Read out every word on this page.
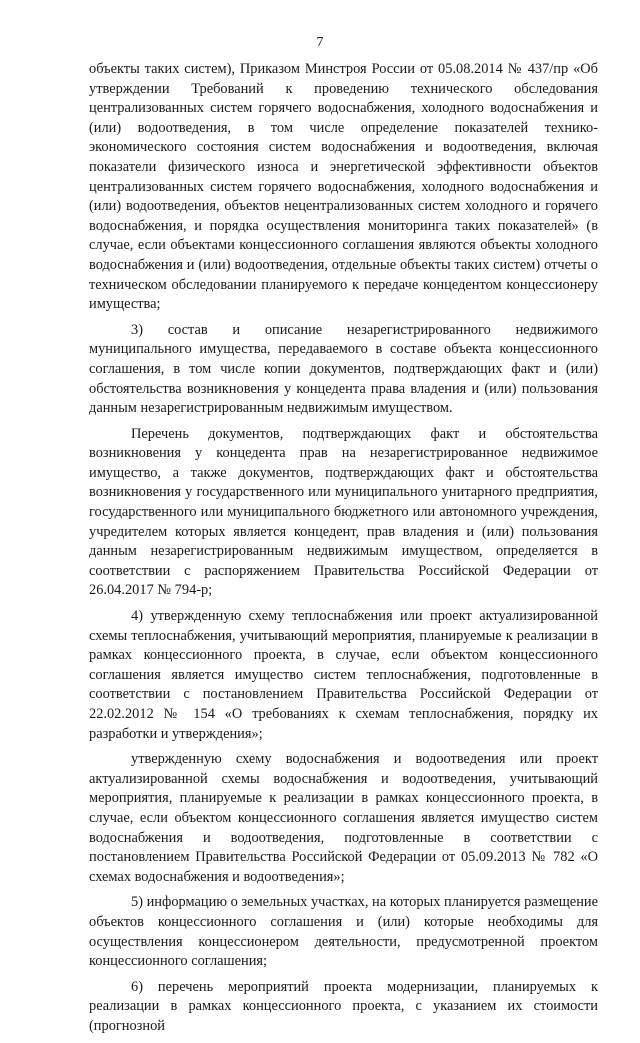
7

объекты таких систем), Приказом Минстроя России от 05.08.2014 № 437/пр «Об утверждении Требований к проведению технического обследования централизованных систем горячего водоснабжения, холодного водоснабжения и (или) водоотведения, в том числе определение показателей технико-экономического состояния систем водоснабжения и водоотведения, включая показатели физического износа и энергетической эффективности объектов централизованных систем горячего водоснабжения, холодного водоснабжения и (или) водоотведения, объектов нецентрализованных систем холодного и горячего водоснабжения, и порядка осуществления мониторинга таких показателей» (в случае, если объектами концессионного соглашения являются объекты холодного водоснабжения и (или) водоотведения, отдельные объекты таких систем) отчеты о техническом обследовании планируемого к передаче концедентом концессионеру имущества;

3) состав и описание незарегистрированного недвижимого муниципального имущества, передаваемого в составе объекта концессионного соглашения, в том числе копии документов, подтверждающих факт и (или) обстоятельства возникновения у концедента права владения и (или) пользования данным незарегистрированным недвижимым имуществом.

Перечень документов, подтверждающих факт и обстоятельства возникновения у концедента прав на незарегистрированное недвижимое имущество, а также документов, подтверждающих факт и обстоятельства возникновения у государственного или муниципального унитарного предприятия, государственного или муниципального бюджетного или автономного учреждения, учредителем которых является концедент, прав владения и (или) пользования данным незарегистрированным недвижимым имуществом, определяется в соответствии с распоряжением Правительства Российской Федерации от 26.04.2017 № 794-р;

4) утвержденную схему теплоснабжения или проект актуализированной схемы теплоснабжения, учитывающий мероприятия, планируемые к реализации в рамках концессионного проекта, в случае, если объектом концессионного соглашения является имущество систем теплоснабжения, подготовленные в соответствии с постановлением Правительства Российской Федерации от 22.02.2012 № 154 «О требованиях к схемам теплоснабжения, порядку их разработки и утверждения»;

утвержденную схему водоснабжения и водоотведения или проект актуализированной схемы водоснабжения и водоотведения, учитывающий мероприятия, планируемые к реализации в рамках концессионного проекта, в случае, если объектом концессионного соглашения является имущество систем водоснабжения и водоотведения, подготовленные в соответствии с постановлением Правительства Российской Федерации от 05.09.2013 № 782 «О схемах водоснабжения и водоотведения»;

5) информацию о земельных участках, на которых планируется размещение объектов концессионного соглашения и (или) которые необходимы для осуществления концессионером деятельности, предусмотренной проектом концессионного соглашения;

6) перечень мероприятий проекта модернизации, планируемых к реализации в рамках концессионного проекта, с указанием их стоимости (прогнозной
